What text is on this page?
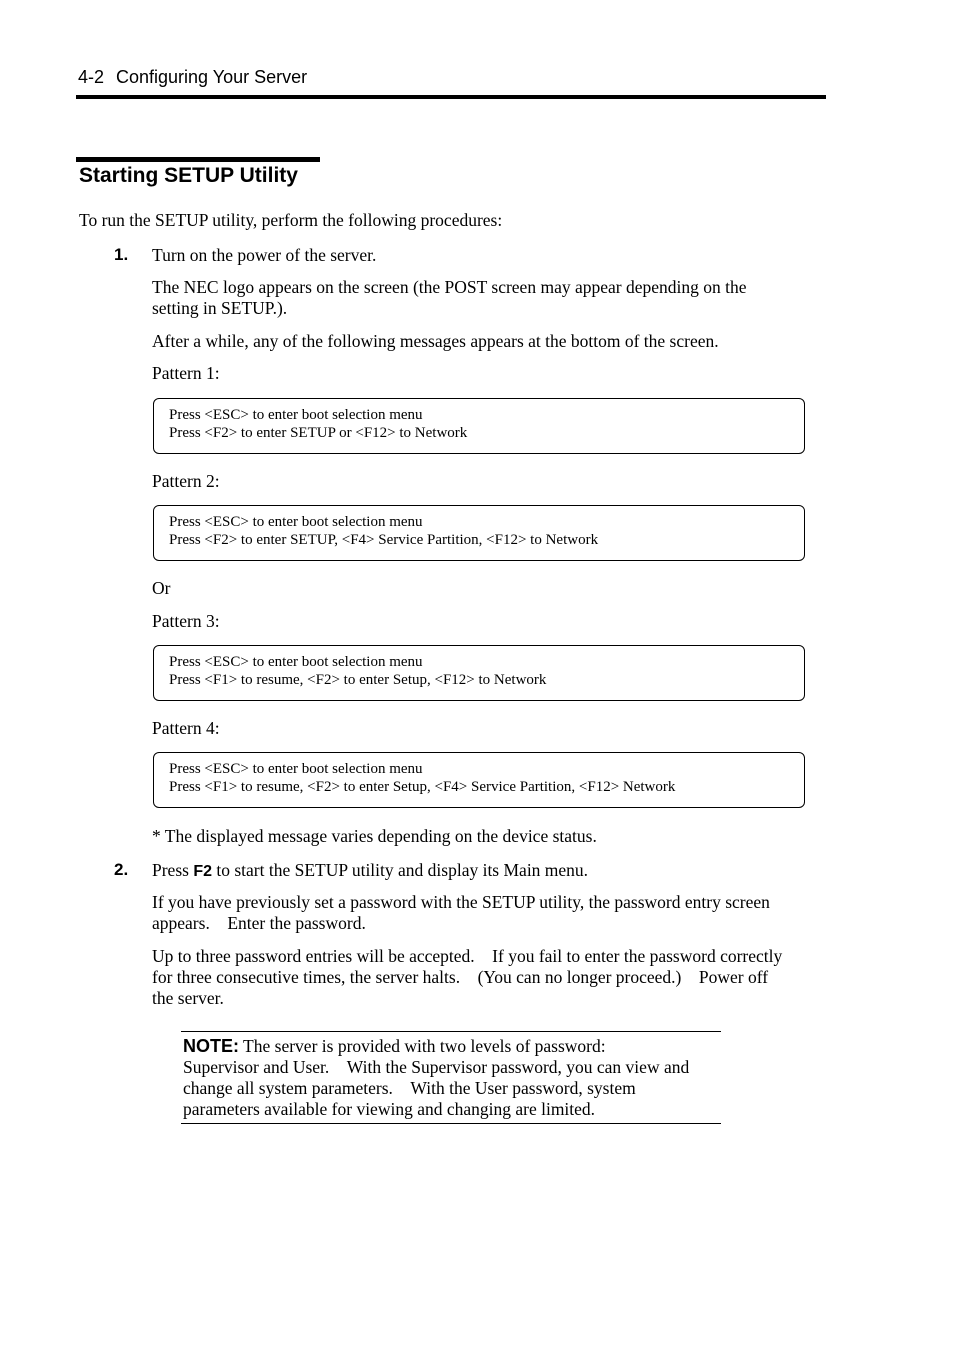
4-2 Configuring Your Server
Starting SETUP Utility
To run the SETUP utility, perform the following procedures:
1. Turn on the power of the server.
The NEC logo appears on the screen (the POST screen may appear depending on the
setting in SETUP.).
After a while, any of the following messages appears at the bottom of the screen.
Pattern 1:
Press <ESC> to enter boot selection menu
Press <F2> to enter SETUP or <F12> to Network
Pattern 2:
Press <ESC> to enter boot selection menu
Press <F2> to enter SETUP, <F4> Service Partition, <F12> to Network
Or
Pattern 3:
Press <ESC> to enter boot selection menu
Press <F1> to resume, <F2> to enter Setup, <F12> to Network
Pattern 4:
Press <ESC> to enter boot selection menu
Press <F1> to resume, <F2> to enter Setup, <F4> Service Partition, <F12> Network
* The displayed message varies depending on the device status.
2. Press F2 to start the SETUP utility and display its Main menu.
If you have previously set a password with the SETUP utility, the password entry screen
appears.　Enter the password.
Up to three password entries will be accepted.　If you fail to enter the password correctly
for three consecutive times, the server halts.　(You can no longer proceed.)　Power off
the server.
NOTE: The server is provided with two levels of password:
Supervisor and User.　With the Supervisor password, you can view and
change all system parameters.　With the User password, system
parameters available for viewing and changing are limited.
